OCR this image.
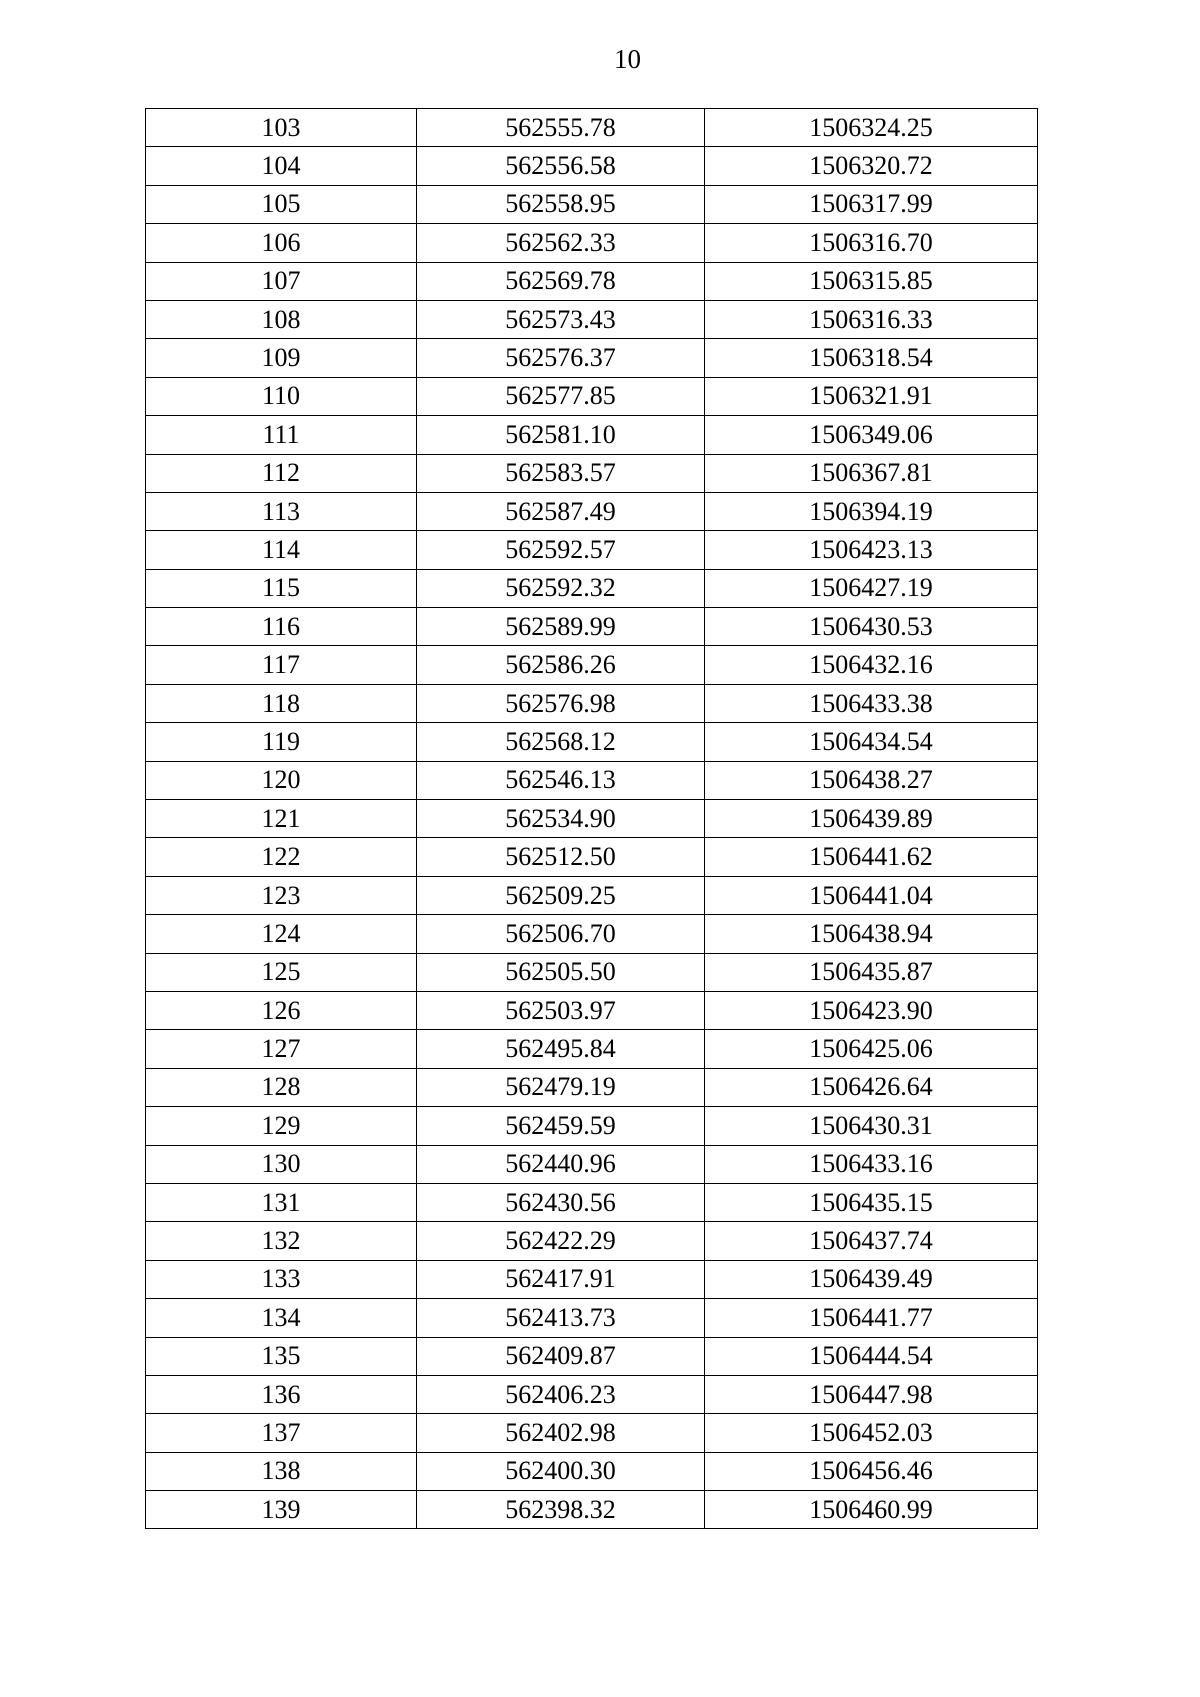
10
103	562555.78	1506324.25
104	562556.58	1506320.72
105	562558.95	1506317.99
106	562562.33	1506316.70
107	562569.78	1506315.85
108	562573.43	1506316.33
109	562576.37	1506318.54
110	562577.85	1506321.91
111	562581.10	1506349.06
112	562583.57	1506367.81
113	562587.49	1506394.19
114	562592.57	1506423.13
115	562592.32	1506427.19
116	562589.99	1506430.53
117	562586.26	1506432.16
118	562576.98	1506433.38
119	562568.12	1506434.54
120	562546.13	1506438.27
121	562534.90	1506439.89
122	562512.50	1506441.62
123	562509.25	1506441.04
124	562506.70	1506438.94
125	562505.50	1506435.87
126	562503.97	1506423.90
127	562495.84	1506425.06
128	562479.19	1506426.64
129	562459.59	1506430.31
130	562440.96	1506433.16
131	562430.56	1506435.15
132	562422.29	1506437.74
133	562417.91	1506439.49
134	562413.73	1506441.77
135	562409.87	1506444.54
136	562406.23	1506447.98
137	562402.98	1506452.03
138	562400.30	1506456.46
139	562398.32	1506460.99
